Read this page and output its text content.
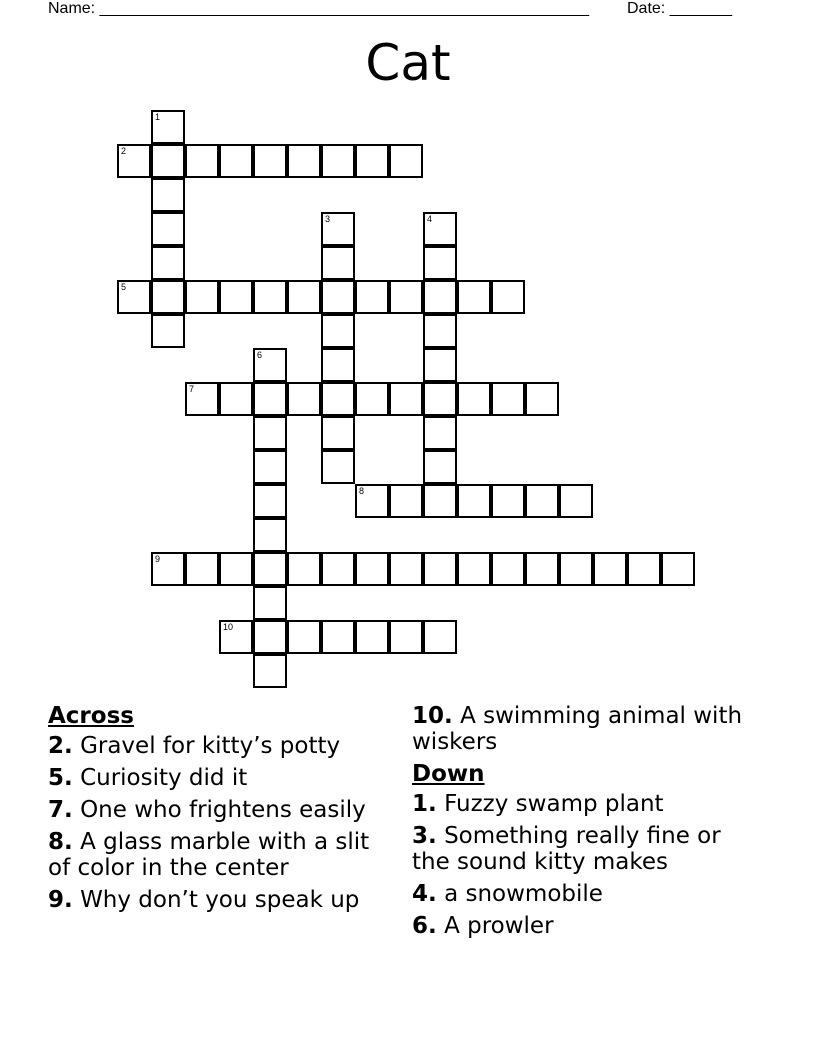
Name: _______________________________________________________ Date: _______
Cat
2
5
7
8
9
10
1
3	4
6
Across
2. Gravel for kitty’s potty
5. Curiosity did it
7. One who frightens easily
8. A glass marble with a slit of color in the center
9. Why don’t you speak up
10. A swimming animal with wiskers
Down
1. Fuzzy swamp plant
3. Something really fine or the sound kitty makes
4. a snowmobile
6. A prowler
